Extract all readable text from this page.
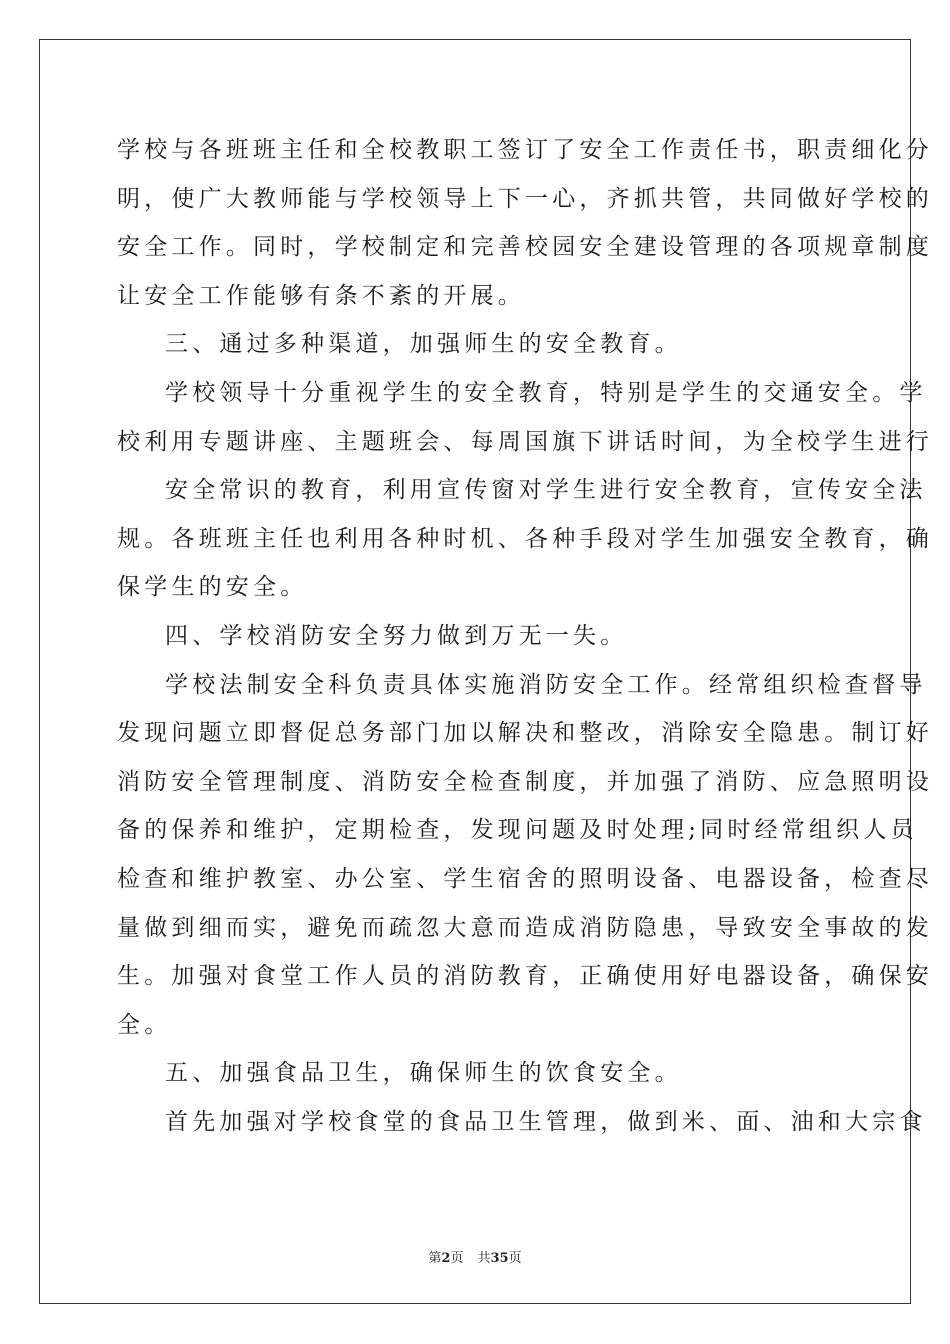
学校与各班班主任和全校教职工签订了安全工作责任书，职责细化分
明，使广大教师能与学校领导上下一心，齐抓共管，共同做好学校的
安全工作。同时，学校制定和完善校园安全建设管理的各项规章制度
让安全工作能够有条不紊的开展。
三、通过多种渠道，加强师生的安全教育。
学校领导十分重视学生的安全教育，特别是学生的交通安全。学
校利用专题讲座、主题班会、每周国旗下讲话时间，为全校学生进行
安全常识的教育，利用宣传窗对学生进行安全教育，宣传安全法
规。各班班主任也利用各种时机、各种手段对学生加强安全教育，确
保学生的安全。
四、学校消防安全努力做到万无一失。
学校法制安全科负责具体实施消防安全工作。经常组织检查督导
发现问题立即督促总务部门加以解决和整改，消除安全隐患。制订好
消防安全管理制度、消防安全检查制度，并加强了消防、应急照明设
备的保养和维护，定期检查，发现问题及时处理;同时经常组织人员
检查和维护教室、办公室、学生宿舍的照明设备、电器设备，检查尽
量做到细而实，避免而疏忽大意而造成消防隐患，导致安全事故的发
生。加强对食堂工作人员的消防教育，正确使用好电器设备，确保安
全。
五、加强食品卫生，确保师生的饮食安全。
首先加强对学校食堂的食品卫生管理，做到米、面、油和大宗食
第2页 共35页
